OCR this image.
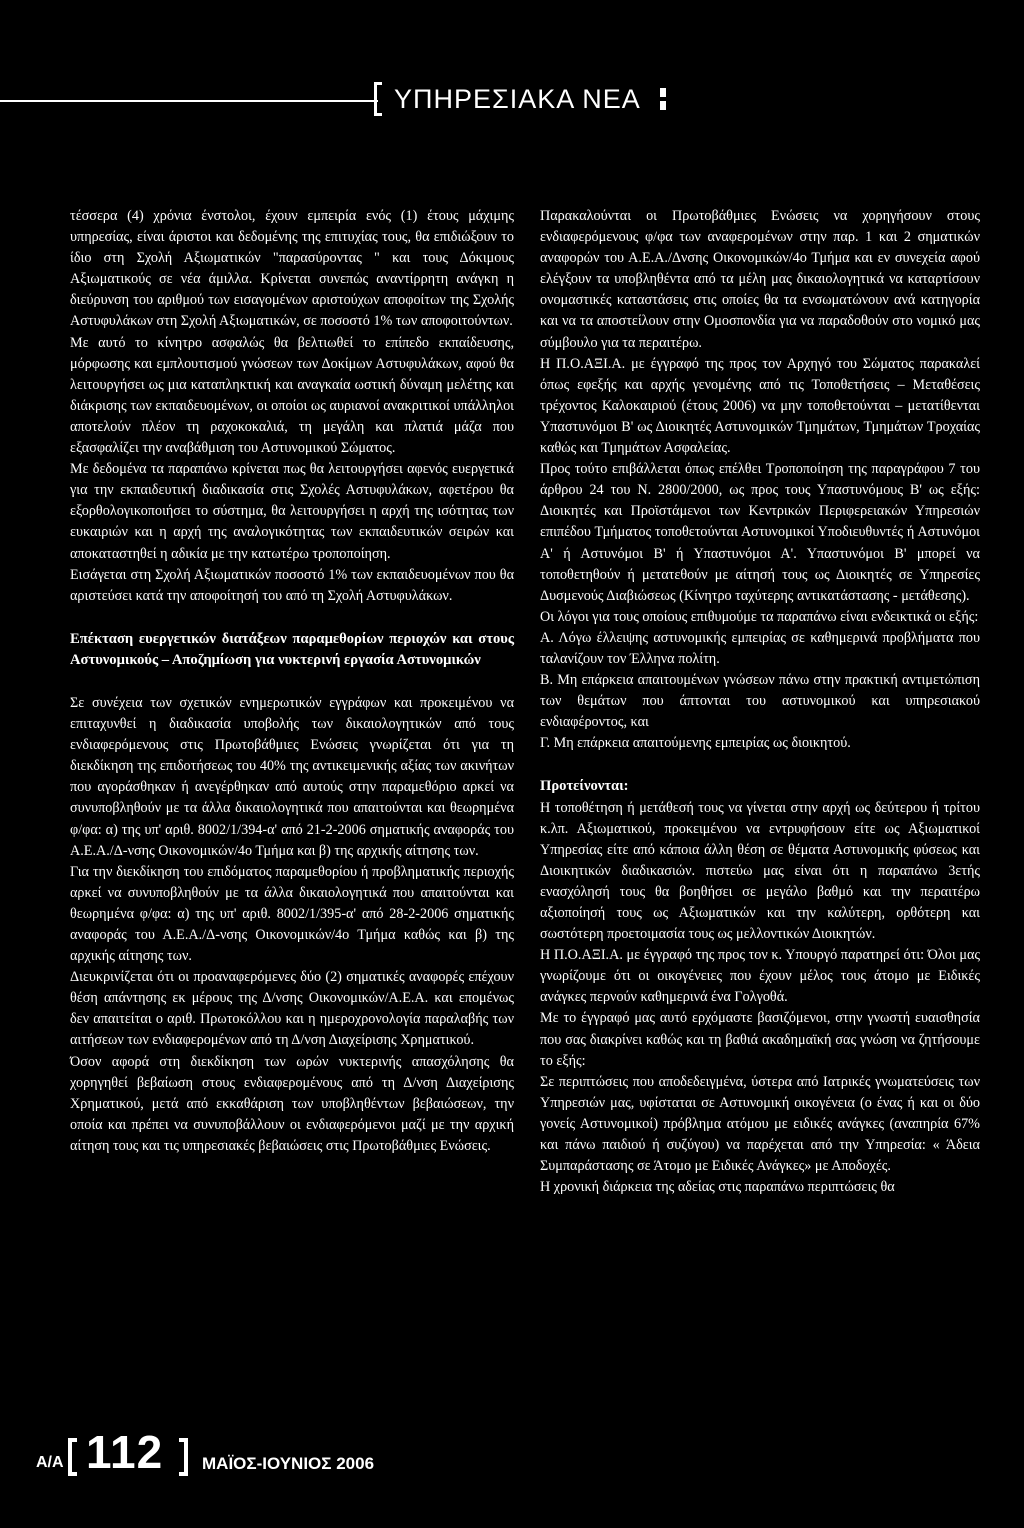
ΥΠΗΡΕΣΙΑΚΑ ΝΕΑ

τέσσερα (4) χρόνια ένστολοι, έχουν εμπειρία ενός (1) έτους μάχιμης υπηρεσίας, είναι άριστοι και δεδομένης της επιτυχίας τους, θα επιδιώξουν το ίδιο στη Σχολή Αξιωματικών "παρασύροντας " και τους Δόκιμους Αξιωματικούς σε νέα άμιλλα. Κρίνεται συνεπώς αναντίρρητη ανάγκη η διεύρυνση του αριθμού των εισαγομένων αριστούχων αποφοίτων της Σχολής Αστυφυλάκων στη Σχολή Αξιωματικών, σε ποσοστό 1% των αποφοιτούντων.

Με αυτό το κίνητρο ασφαλώς θα βελτιωθεί το επίπεδο εκπαίδευσης, μόρφωσης και εμπλουτισμού γνώσεων των Δοκίμων Αστυφυλάκων, αφού θα λειτουργήσει ως μια καταπληκτική και αναγκαία ωστική δύναμη μελέτης και διάκρισης των εκπαιδευομένων, οι οποίοι ως αυριανοί ανακριτικοί υπάλληλοι αποτελούν πλέον τη ραχοκοκαλιά, τη μεγάλη και πλατιά μάζα που εξασφαλίζει την αναβάθμιση του Αστυνομικού Σώματος.

Με δεδομένα τα παραπάνω κρίνεται πως θα λειτουργήσει αφενός ευεργετικά για την εκπαιδευτική διαδικασία στις Σχολές Αστυφυλάκων, αφετέρου θα εξορθολογικοποιήσει το σύστημα, θα λειτουργήσει η αρχή της ισότητας των ευκαιριών και η αρχή της αναλογικότητας των εκπαιδευτικών σειρών και αποκαταστηθεί η αδικία με την κατωτέρω τροποποίηση.

Εισάγεται στη Σχολή Αξιωματικών ποσοστό 1% των εκπαιδευομένων που θα αριστεύσει κατά την αποφοίτησή του από τη Σχολή Αστυφυλάκων.

Επέκταση ευεργετικών διατάξεων παραμεθορίων περιοχών και στους Αστυνομικούς – Αποζημίωση για νυκτερινή εργασία Αστυνομικών

Σε συνέχεια των σχετικών ενημερωτικών εγγράφων και προκειμένου να επιταχυνθεί η διαδικασία υποβολής των δικαιολογητικών από τους ενδιαφερόμενους στις Πρωτοβάθμιες Ενώσεις γνωρίζεται ότι για τη διεκδίκηση της επιδοτήσεως του 40% της αντικειμενικής αξίας των ακινήτων που αγοράσθηκαν ή ανεγέρθηκαν από αυτούς στην παραμεθόριο αρκεί να συνυποβληθούν με τα άλλα δικαιολογητικά που απαιτούνται και θεωρημένα φ/φα: α) της υπ' αριθ. 8002/1/394-α' από 21-2-2006 σηματικής αναφοράς του Α.Ε.Α./Δ-νσης Οικονομικών/4ο Τμήμα και β) της αρχικής αίτησης των.

Για την διεκδίκηση του επιδόματος παραμεθορίου ή προβληματικής περιοχής αρκεί να συνυποβληθούν με τα άλλα δικαιολογητικά που απαιτούνται και θεωρημένα φ/φα: α) της υπ' αριθ. 8002/1/395-α' από 28-2-2006 σηματικής αναφοράς του Α.Ε.Α./Δ-νσης Οικονομικών/4ο Τμήμα καθώς και β) της αρχικής αίτησης των.

Διευκρινίζεται ότι οι προαναφερόμενες δύο (2) σηματικές αναφορές επέχουν θέση απάντησης εκ μέρους της Δ/νσης Οικονομικών/Α.Ε.Α. και επομένως δεν απαιτείται ο αριθ. Πρωτοκόλλου και η ημερoχρονολογία παραλαβής των αιτήσεων των ενδιαφερομένων από τη Δ/νση Διαχείρισης Χρηματικού.

Όσον αφορά στη διεκδίκηση των ωρών νυκτερινής απασχόλησης θα χορηγηθεί βεβαίωση στους ενδιαφερομένους από τη Δ/νση Διαχείρισης Χρηματικού, μετά από εκκαθάριση των υποβληθέντων βεβαιώσεων, την οποία και πρέπει να συνυποβάλλουν οι ενδιαφερόμενοι μαζί με την αρχική αίτηση τους και τις υπηρεσιακές βεβαιώσεις στις Πρωτοβάθμιες Ενώσεις.

Παρακαλούνται οι Πρωτοβάθμιες Ενώσεις να χορηγήσουν στους ενδιαφερόμενους φ/φα των αναφερομένων στην παρ. 1 και 2 σηματικών αναφορών του Α.Ε.Α./Δνσης Οικονομικών/4ο Τμήμα και εν συνεχεία αφού ελέγξουν τα υποβληθέντα από τα μέλη μας δικαιολογητικά να καταρτίσουν ονομαστικές καταστάσεις στις οποίες θα τα ενσωματώνουν ανά κατηγορία και να τα αποστείλουν στην Ομοσπονδία για να παραδοθούν στο νομικό μας σύμβουλο για τα περαιτέρω.

Η Π.Ο.ΑΞΙ.Α. με έγγραφό της προς τον Αρχηγό του Σώματος παρακαλεί όπως εφεξής και αρχής γενομένης από τις Τοποθετήσεις – Μεταθέσεις τρέχοντος Καλοκαιριού (έτους 2006) να μην τοποθετούνται – μετατίθενται Υπαστυνόμοι Β' ως Διοικητές Αστυνομικών Τμημάτων, Τμημάτων Τροχαίας καθώς και Τμημάτων Ασφαλείας.

Προς τούτο επιβάλλεται όπως επέλθει Τροποποίηση της παραγράφου 7 του άρθρου 24 του Ν. 2800/2000, ως προς τους Υπαστυνόμους Β' ως εξής: Διοικητές και Προϊστάμενοι των Κεντρικών Περιφερειακών Υπηρεσιών επιπέδου Τμήματος τοποθετούνται Αστυνομικοί Υποδιευθυντές ή Αστυνόμοι Α' ή Αστυνόμοι Β' ή Υπαστυνόμοι Α'. Υπαστυνόμοι Β' μπορεί να τοποθετηθούν ή μετατεθούν με αίτησή τους ως Διοικητές σε Υπηρεσίες Δυσμενούς Διαβιώσεως (Κίνητρο ταχύτερης αντικατάστασης - μετάθεσης).

Οι λόγοι για τους οποίους επιθυμούμε τα παραπάνω είναι ενδεικτικά οι εξής:

Α. Λόγω έλλειψης αστυνομικής εμπειρίας σε καθημερινά προβλήματα που ταλανίζουν τον Έλληνα πολίτη.

Β. Μη επάρκεια απαιτουμένων γνώσεων πάνω στην πρακτική αντιμετώπιση των θεμάτων που άπτονται του αστυνομικού και υπηρεσιακού ενδιαφέροντος, και

Γ. Μη επάρκεια απαιτούμενης εμπειρίας ως διοικητού.

Προτείνονται:

Η τοποθέτηση ή μετάθεσή τους να γίνεται στην αρχή ως δεύτερου ή τρίτου κ.λπ. Αξιωματικού, προκειμένου να εντρυφήσουν είτε ως Αξιωματικοί Υπηρεσίας είτε από κάποια άλλη θέση σε θέματα Αστυνομικής φύσεως και Διοικητικών διαδικασιών. πιστεύω μας είναι ότι η παραπάνω 3ετής ενασχόλησή τους θα βοηθήσει σε μεγάλο βαθμό και την περαιτέρω αξιοποίησή τους ως Αξιωματικών και την καλύτερη, ορθότερη και σωστότερη προετοιμασία τους ως μελλοντικών Διοικητών.

Η Π.Ο.ΑΞΙ.Α. με έγγραφό της προς τον κ. Υπουργό παρατηρεί ότι: Όλοι μας γνωρίζουμε ότι οι οικογένειες που έχουν μέλος τους άτομο με Ειδικές ανάγκες περνούν καθημερινά ένα Γολγοθά.

Με το έγγραφό μας αυτό ερχόμαστε βασιζόμενοι, στην γνωστή ευαισθησία που σας διακρίνει καθώς και τη βαθιά ακαδημαϊκή σας γνώση να ζητήσουμε το εξής:

Σε περιπτώσεις που αποδεδειγμένα, ύστερα από Ιατρικές γνωματεύσεις των Υπηρεσιών μας, υφίσταται σε Αστυνομική οικογένεια (ο ένας ή και οι δύο γονείς Αστυνομικοί) πρόβλημα ατόμου με ειδικές ανάγκες (αναπηρία 67% και πάνω παιδιού ή συζύγου) να παρέχεται από την Υπηρεσία: « Άδεια Συμπαράστασης σε Άτομο με Ειδικές Ανάγκες» με Αποδοχές.

Η χρονική διάρκεια της αδείας στις παραπάνω περιπτώσεις θα

Α/Α 112 ΜΑΪΟΣ-ΙΟΥΝΙΟΣ 2006
